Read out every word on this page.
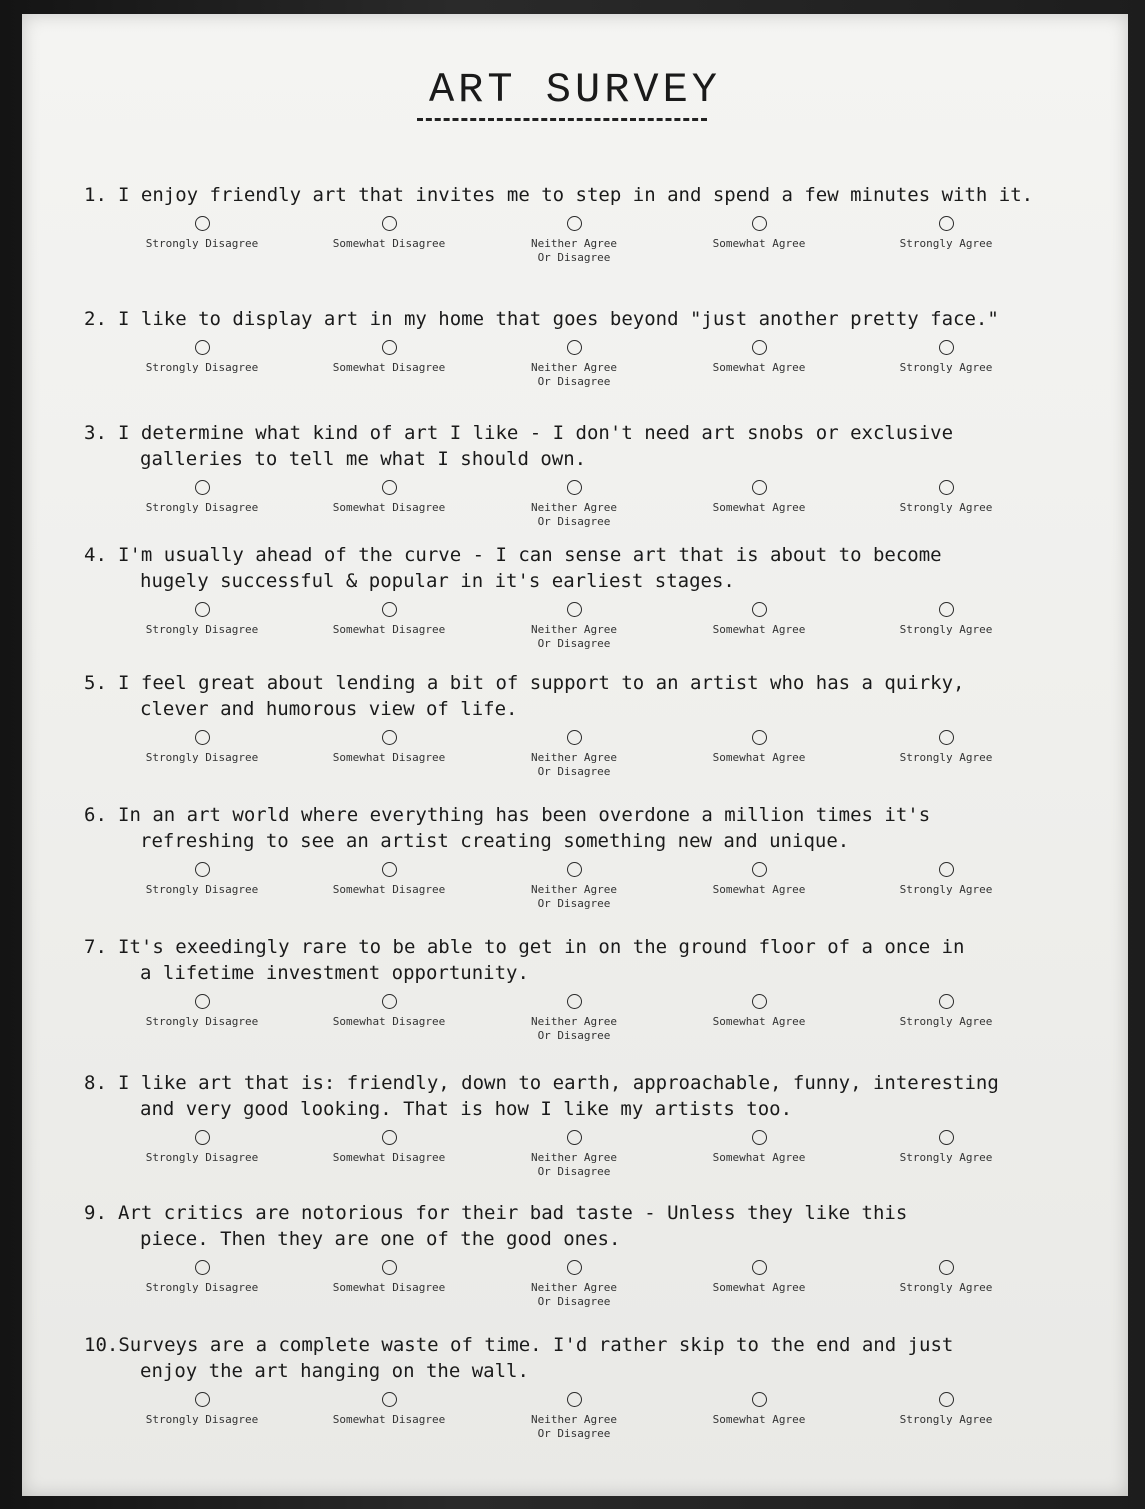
ART SURVEY
1. I enjoy friendly art that invites me to step in and spend a few minutes with it.
Strongly Disagree	Somewhat Disagree	Neither Agree
Or Disagree
Somewhat Agree	Strongly Agree
2. I like to display art in my home that goes beyond "just another pretty face."
Strongly Disagree	Somewhat Disagree	Neither Agree
Or Disagree
Somewhat Agree	Strongly Agree
3. I determine what kind of art I like - I don't need art snobs or exclusive
galleries to tell me what I should own.
Strongly Disagree	Somewhat Disagree	Neither Agree
Or Disagree
Somewhat Agree	Strongly Agree
4. I'm usually ahead of the curve - I can sense art that is about to become
hugely successful & popular in it's earliest stages.
Strongly Disagree	Somewhat Disagree	Neither Agree
Or Disagree
Somewhat Agree	Strongly Agree
5. I feel great about lending a bit of support to an artist who has a quirky,
clever and humorous view of life.
Strongly Disagree	Somewhat Disagree	Neither Agree
Or Disagree
Somewhat Agree	Strongly Agree
6. In an art world where everything has been overdone a million times it's
refreshing to see an artist creating something new and unique.
Strongly Disagree	Somewhat Disagree	Neither Agree
Or Disagree
Somewhat Agree	Strongly Agree
7. It's exeedingly rare to be able to get in on the ground floor of a once in
a lifetime investment opportunity.
Strongly Disagree	Somewhat Disagree	Neither Agree
Or Disagree
Somewhat Agree	Strongly Agree
8. I like art that is: friendly, down to earth, approachable, funny, interesting
and very good looking. That is how I like my artists too.
Strongly Disagree	Somewhat Disagree	Neither Agree
Or Disagree
Somewhat Agree	Strongly Agree
9. Art critics are notorious for their bad taste - Unless they like this
piece. Then they are one of the good ones.
Strongly Disagree	Somewhat Disagree	Neither Agree
Or Disagree
Somewhat Agree	Strongly Agree
10.Surveys are a complete waste of time. I'd rather skip to the end and just
enjoy the art hanging on the wall.
Strongly Disagree	Somewhat Disagree	Neither Agree
Or Disagree
Somewhat Agree	Strongly Agree
